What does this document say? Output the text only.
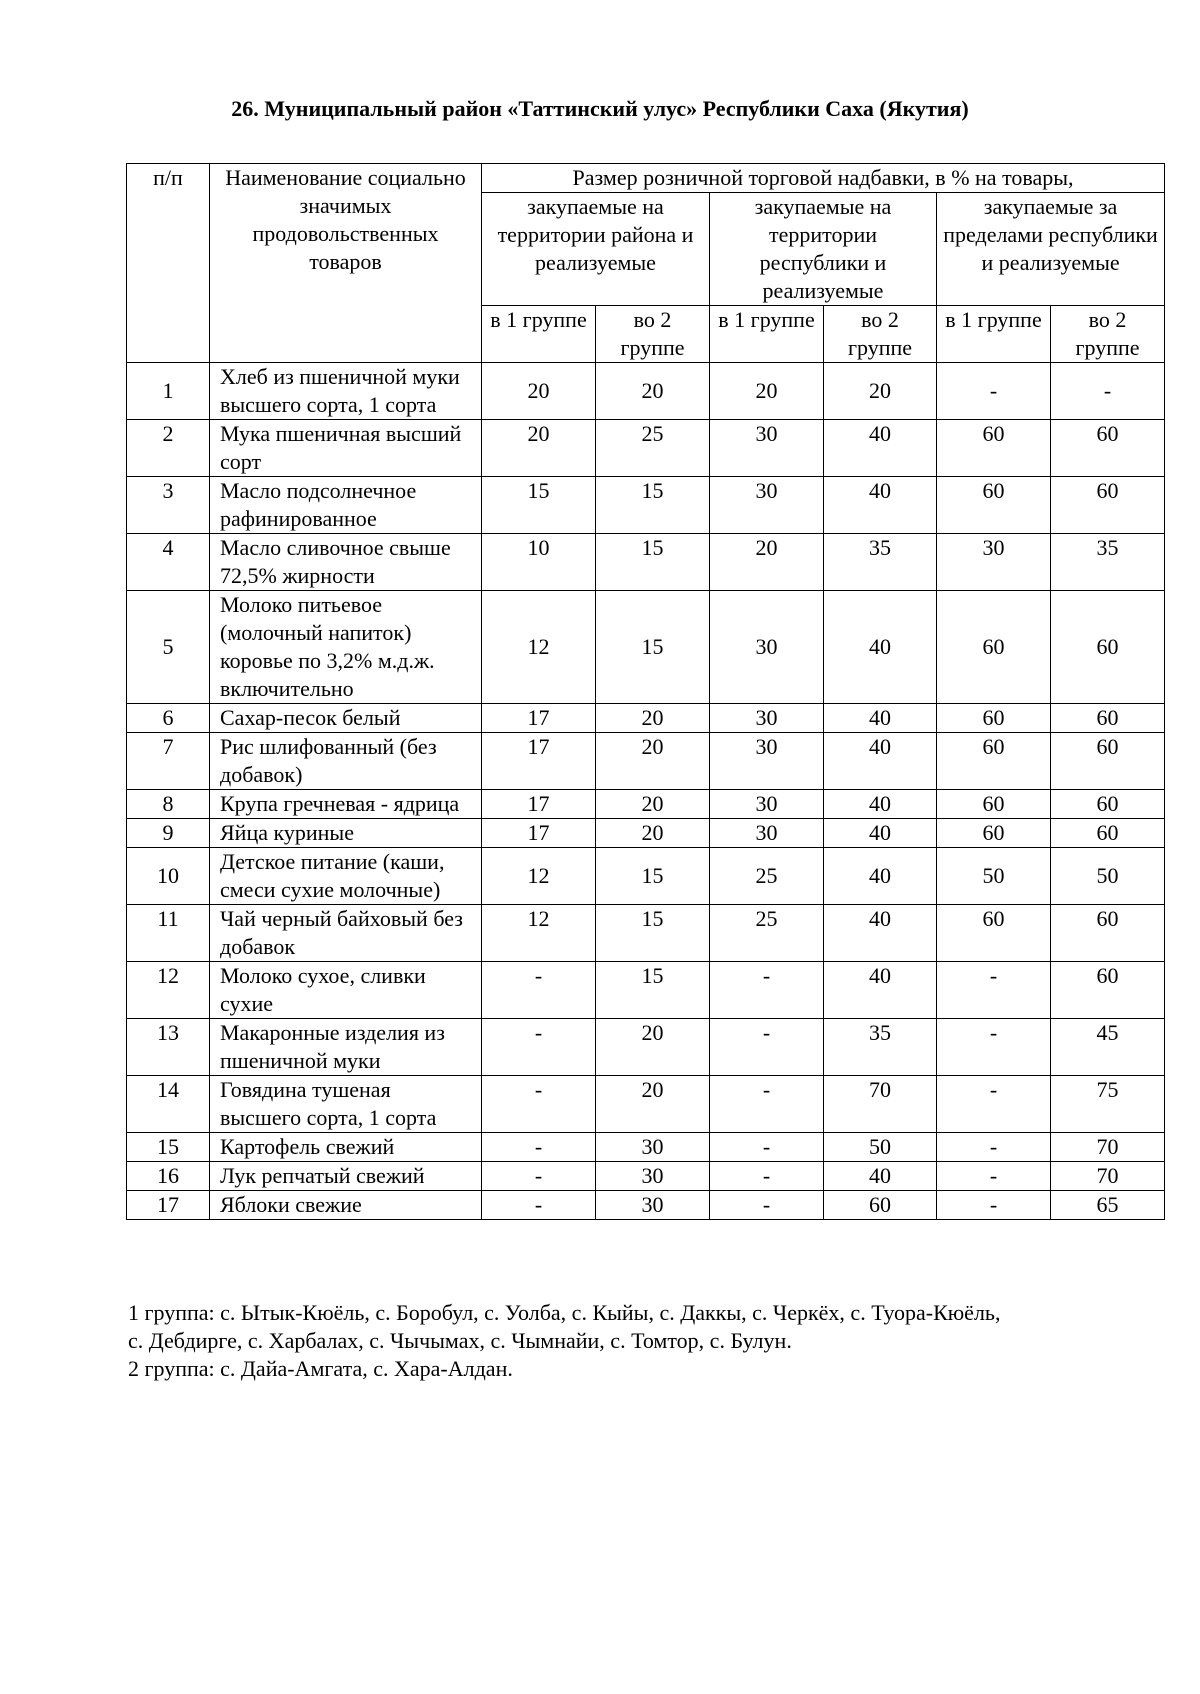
26. Муниципальный район «Таттинский улус» Республики Саха (Якутия)
п/п	Наименование социально значимых продовольственных товаров	Размер розничной торговой надбавки, в % на товары,					
		закупаемые на территории района и реализуемые		закупаемые на территории республики и реализуемые		закупаемые за пределами республики и реализуемые	
		в 1 группе	во 2 группе	в 1 группе	во 2 группе	в 1 группе	во 2 группе
1	Хлеб из пшеничной муки высшего сорта, 1 сорта	20	20	20	20	-	-
2	Мука пшеничная высший сорт	20	25	30	40	60	60
3	Масло подсолнечное рафинированное	15	15	30	40	60	60
4	Масло сливочное свыше 72,5% жирности	10	15	20	35	30	35
5	Молоко питьевое (молочный напиток) коровье по 3,2% м.д.ж. включительно	12	15	30	40	60	60
6	Сахар-песок белый	17	20	30	40	60	60
7	Рис шлифованный (без добавок)	17	20	30	40	60	60
8	Крупа гречневая - ядрица	17	20	30	40	60	60
9	Яйца куриные	17	20	30	40	60	60
10	Детское питание (каши, смеси сухие молочные)	12	15	25	40	50	50
11	Чай черный байховый без добавок	12	15	25	40	60	60
12	Молоко сухое, сливки сухие	-	15	-	40	-	60
13	Макаронные изделия из пшеничной муки	-	20	-	35	-	45
14	Говядина тушеная высшего сорта, 1 сорта	-	20	-	70	-	75
15	Картофель свежий	-	30	-	50	-	70
16	Лук репчатый свежий	-	30	-	40	-	70
17	Яблоки свежие	-	30	-	60	-	65
1 группа: с. Ытык-Кюёль, с. Боробул, с. Уолба, с. Кыйы, с. Даккы, с. Черкёх, с. Туора-Кюёль,
с. Дебдирге, с. Харбалах, с. Чычымах, с. Чымнайи, с. Томтор, с. Булун.
2 группа: с. Дайа-Амгата, с. Хара-Алдан.
